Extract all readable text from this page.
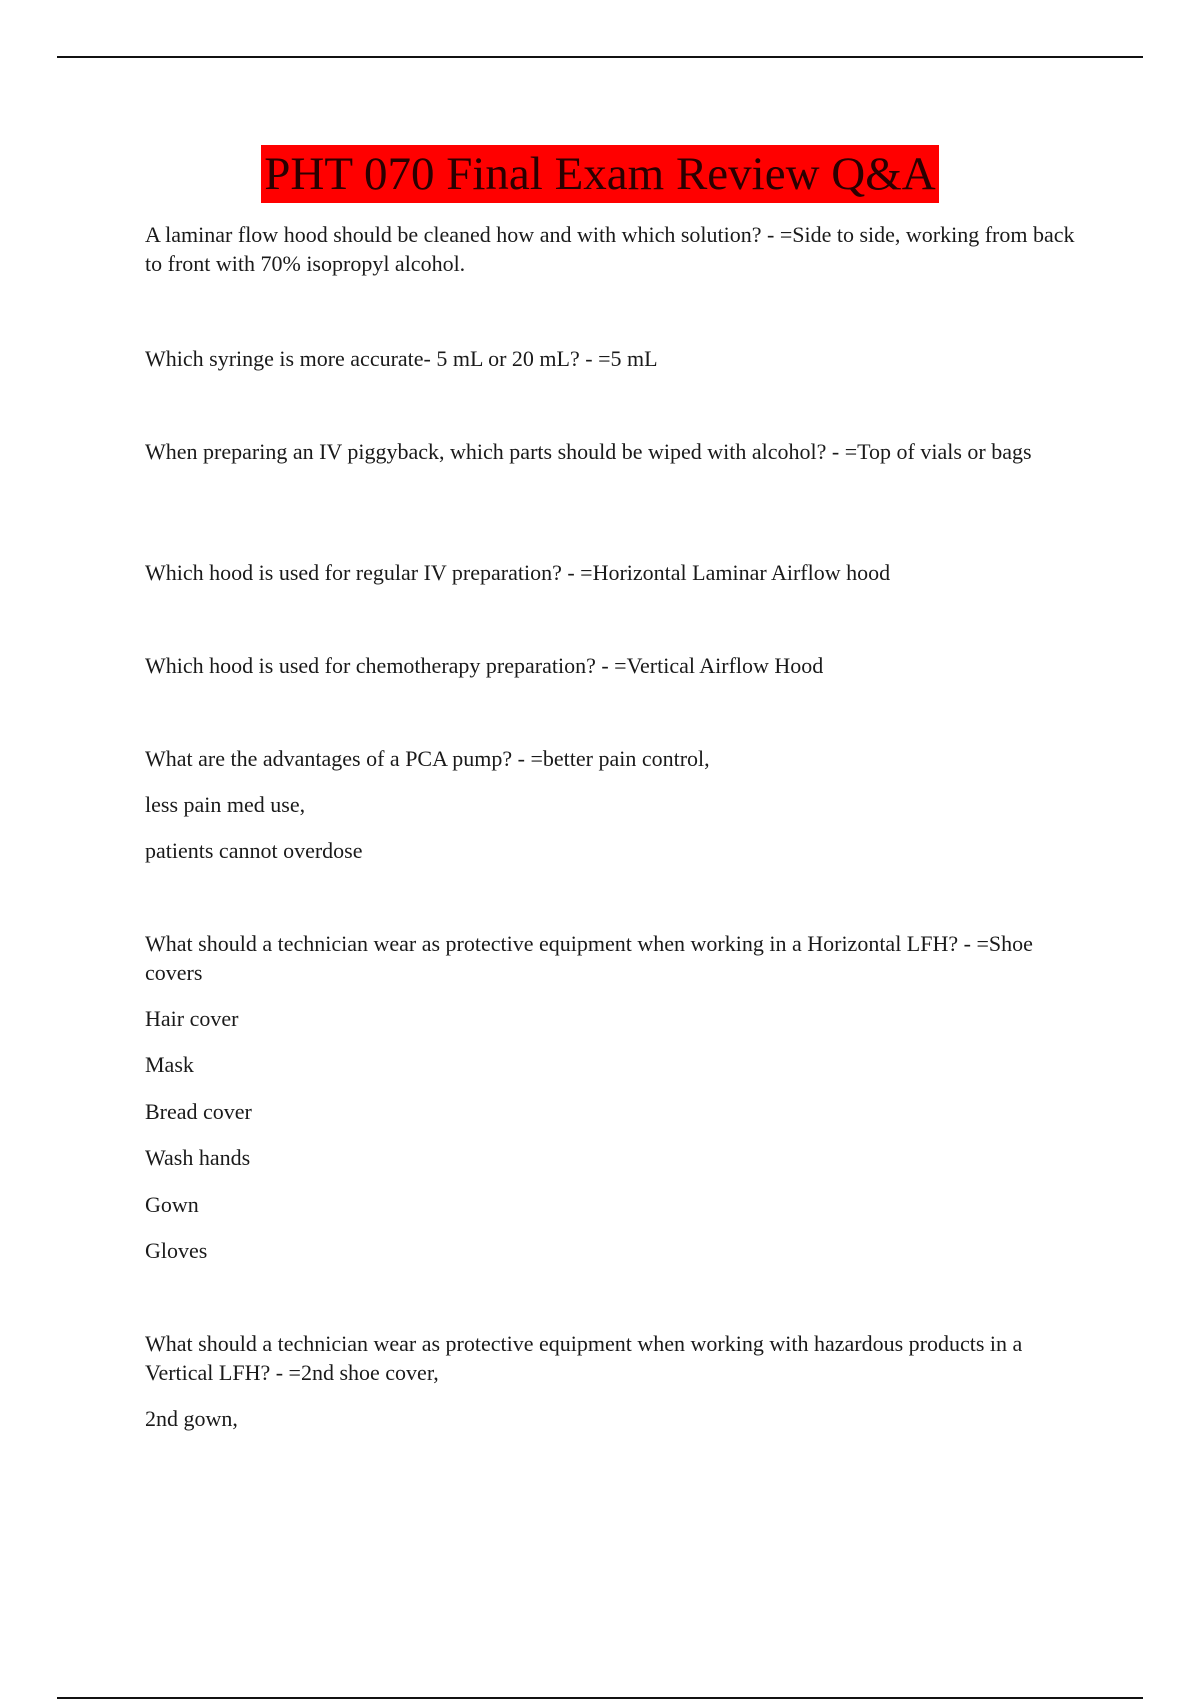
PHT 070 Final Exam Review Q&A

A laminar flow hood should be cleaned how and with which solution? - =Side to side, working from back to front with 70% isopropyl alcohol.

Which syringe is more accurate- 5 mL or 20 mL? - =5 mL

When preparing an IV piggyback, which parts should be wiped with alcohol? - =Top of vials or bags

Which hood is used for regular IV preparation? - =Horizontal Laminar Airflow hood

Which hood is used for chemotherapy preparation? - =Vertical Airflow Hood

What are the advantages of a PCA pump? - =better pain control,

less pain med use,

patients cannot overdose

What should a technician wear as protective equipment when working in a Horizontal LFH? - =Shoe covers

Hair cover

Mask

Bread cover

Wash hands

Gown

Gloves

What should a technician wear as protective equipment when working with hazardous products in a Vertical LFH? - =2nd shoe cover,

2nd gown,
